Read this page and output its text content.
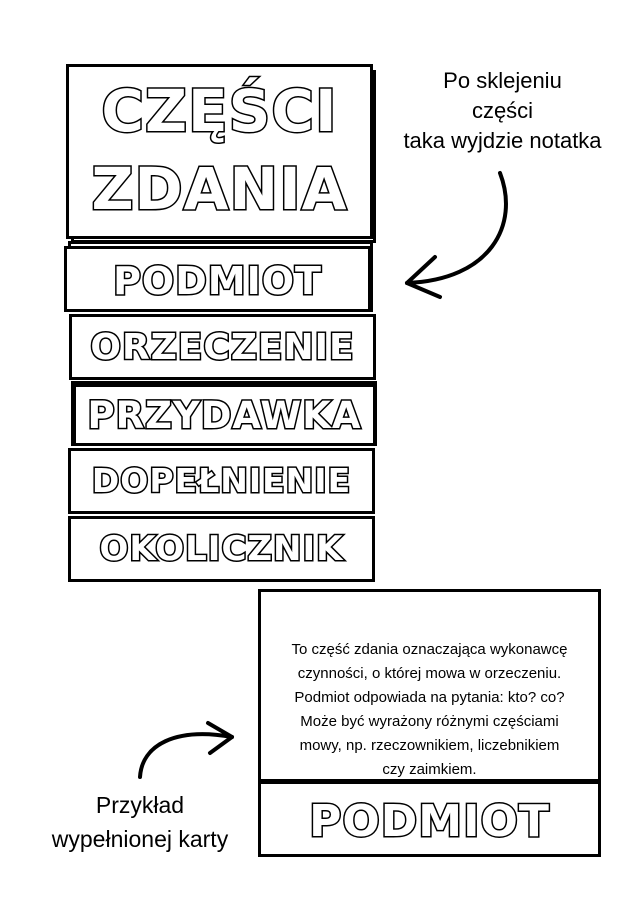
CZĘŚCI
ZDANIA
PODMIOT
ORZECZENIE
PRZYDAWKA
DOPEŁNIENIE
OKOLICZNIK
Po sklejeniu
części
taka wyjdzie notatka
To część zdania oznaczająca wykonawcę
czynności, o której mowa w orzeczeniu.
Podmiot odpowiada na pytania: kto? co?
Może być wyrażony różnymi częściami
mowy, np. rzeczownikiem, liczebnikiem
czy zaimkiem.
PODMIOT
Przykład
wypełnionej karty
